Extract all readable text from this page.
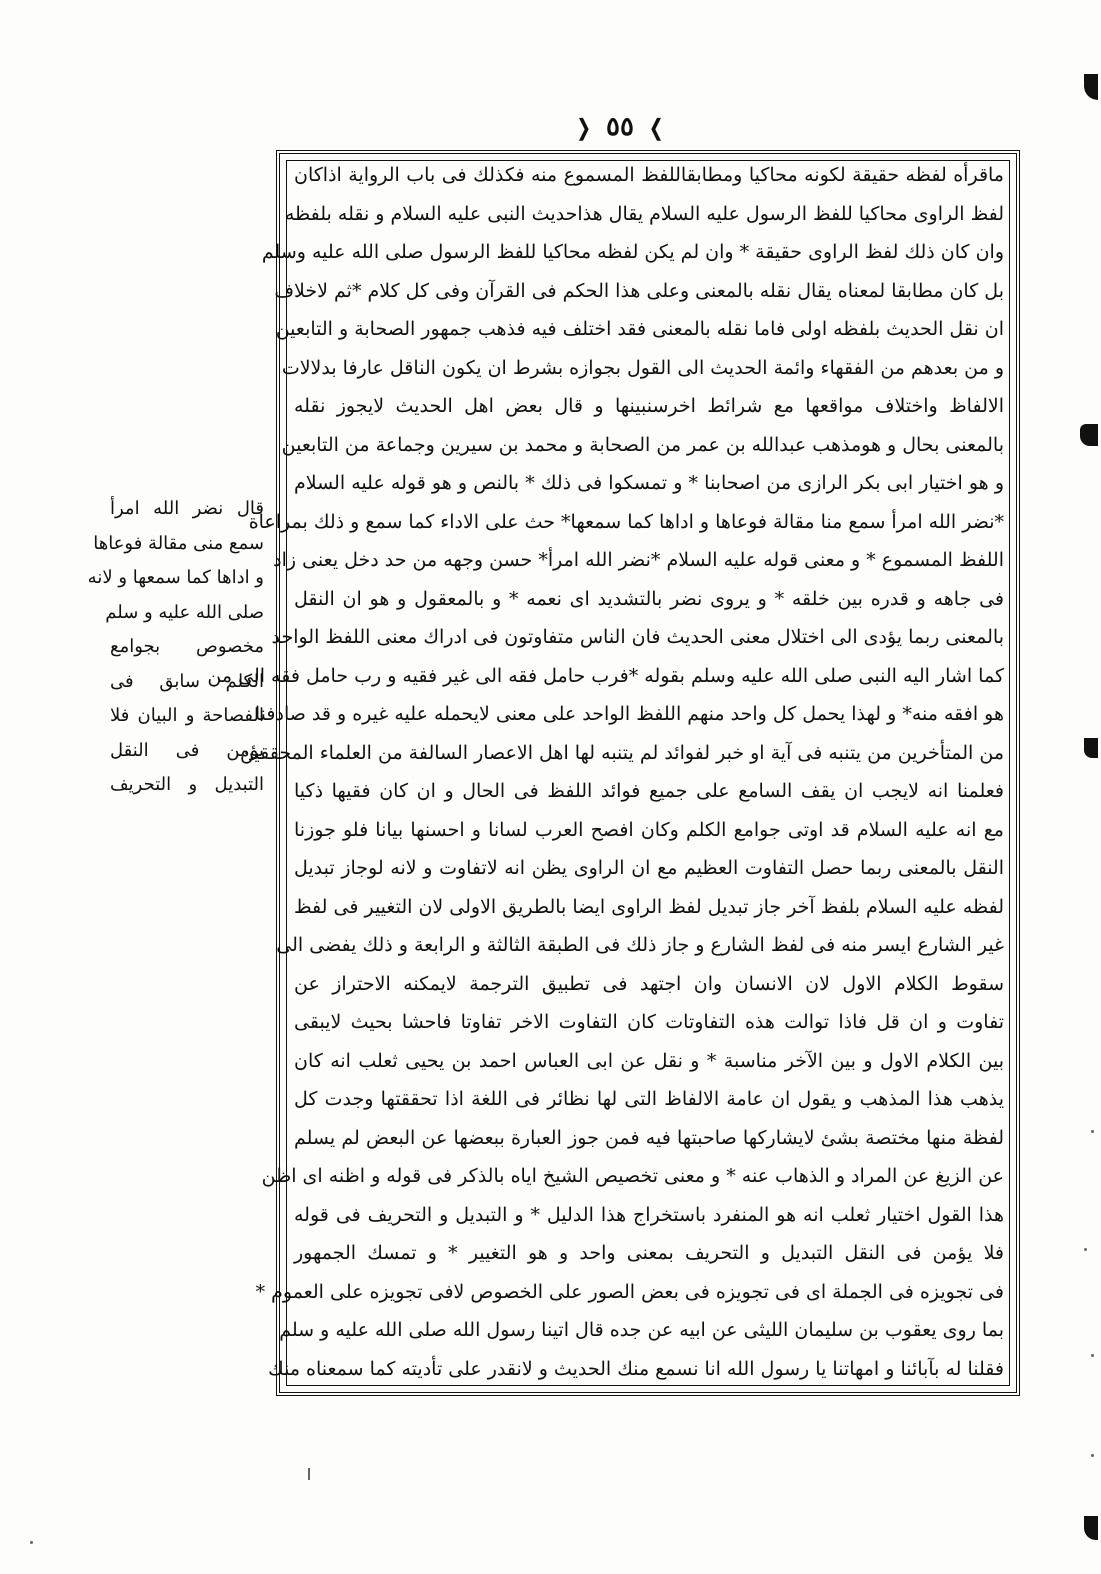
❭ ٥٥ ❬
ماقرأه لفظه حقيقة لكونه محاكيا ومطابقاللفظ المسموع منه فكذلك فى باب الرواية اذاكان
لفظ الراوى محاكيا للفظ الرسول عليه السلام يقال هذاحديث النبى عليه السلام و نقله بلفظه
وان كان ذلك لفظ الراوى حقيقة * وان لم يكن لفظه محاكيا للفظ الرسول صلى الله عليه وسلم
بل كان مطابقا لمعناه يقال نقله بالمعنى وعلى هذا الحكم فى القرآن وفى كل كلام *ثم لاخلاف
ان نقل الحديث بلفظه اولى فاما نقله بالمعنى فقد اختلف فيه فذهب جمهور الصحابة و التابعين
و من بعدهم من الفقهاء وائمة الحديث الى القول بجوازه بشرط ان يكون الناقل عارفا بدلالات
الالفاظ واختلاف مواقعها مع شرائط اخرسنبينها و قال بعض اهل الحديث لايجوز نقله
بالمعنى بحال و هومذهب عبدالله بن عمر من الصحابة و محمد بن سيرين وجماعة من التابعين
و هو اختيار ابى بكر الرازى من اصحابنا * و تمسكوا فى ذلك * بالنص و هو قوله عليه السلام
*نضر الله امرأ سمع منا مقالة فوعاها و اداها كما سمعها* حث على الاداء كما سمع و ذلك بمراعاة
اللفظ المسموع * و معنى قوله عليه السلام *نضر الله امرأ* حسن وجهه من حد دخل يعنى زاد
فى جاهه و قدره بين خلقه * و يروى نضر بالتشديد اى نعمه * و بالمعقول و هو ان النقل
بالمعنى ربما يؤدى الى اختلال معنى الحديث فان الناس متفاوتون فى ادراك معنى اللفظ الواحد
كما اشار اليه النبى صلى الله عليه وسلم بقوله *فرب حامل فقه الى غير فقيه و رب حامل فقه الى من
هو افقه منه* و لهذا يحمل كل واحد منهم اللفظ الواحد على معنى لايحمله عليه غيره و قد صادفنا
من المتأخرين من يتنبه فى آية او خبر لفوائد لم يتنبه لها اهل الاعصار السالفة من العلماء المحققين
فعلمنا انه لايجب ان يقف السامع على جميع فوائد اللفظ فى الحال و ان كان فقيها ذكيا
مع انه عليه السلام قد اوتى جوامع الكلم وكان افصح العرب لسانا و احسنها بيانا فلو جوزنا
النقل بالمعنى ربما حصل التفاوت العظيم مع ان الراوى يظن انه لاتفاوت و لانه لوجاز تبديل
لفظه عليه السلام بلفظ آخر جاز تبديل لفظ الراوى ايضا بالطريق الاولى لان التغيير فى لفظ
غير الشارع ايسر منه فى لفظ الشارع و جاز ذلك فى الطبقة الثالثة و الرابعة و ذلك يفضى الى
سقوط الكلام الاول لان الانسان وان اجتهد فى تطبيق الترجمة لايمكنه الاحتراز عن
تفاوت و ان قل فاذا توالت هذه التفاوتات كان التفاوت الاخر تفاوتا فاحشا بحيث لايبقى
بين الكلام الاول و بين الآخر مناسبة * و نقل عن ابى العباس احمد بن يحيى ثعلب انه كان
يذهب هذا المذهب و يقول ان عامة الالفاظ التى لها نظائر فى اللغة اذا تحققتها وجدت كل
لفظة منها مختصة بشئ لايشاركها صاحبتها فيه فمن جوز العبارة ببعضها عن البعض لم يسلم
عن الزيغ عن المراد و الذهاب عنه * و معنى تخصيص الشيخ اياه بالذكر فى قوله و اظنه اى اظن
هذا القول اختيار ثعلب انه هو المنفرد باستخراج هذا الدليل * و التبديل و التحريف فى قوله
فلا يؤمن فى النقل التبديل و التحريف بمعنى واحد و هو التغيير * و تمسك الجمهور
فى تجويزه فى الجملة اى فى تجويزه فى بعض الصور على الخصوص لافى تجويزه على العموم *
بما روى يعقوب بن سليمان الليثى عن ابيه عن جده قال اتينا رسول الله صلى الله عليه و سلم
فقلنا له بآبائنا و امهاتنا يا رسول الله انا نسمع منك الحديث و لانقدر على تأديته كما سمعناه منك
قال نضر الله امرأ
سمع منى مقالة فوعاها
و اداها كما سمعها و لانه
صلى الله عليه و سلم
مخصوص بجوامع
الكلم سابق فى
الفصاحة و البيان فلا
يؤمن فى النقل
التبديل و التحريف
